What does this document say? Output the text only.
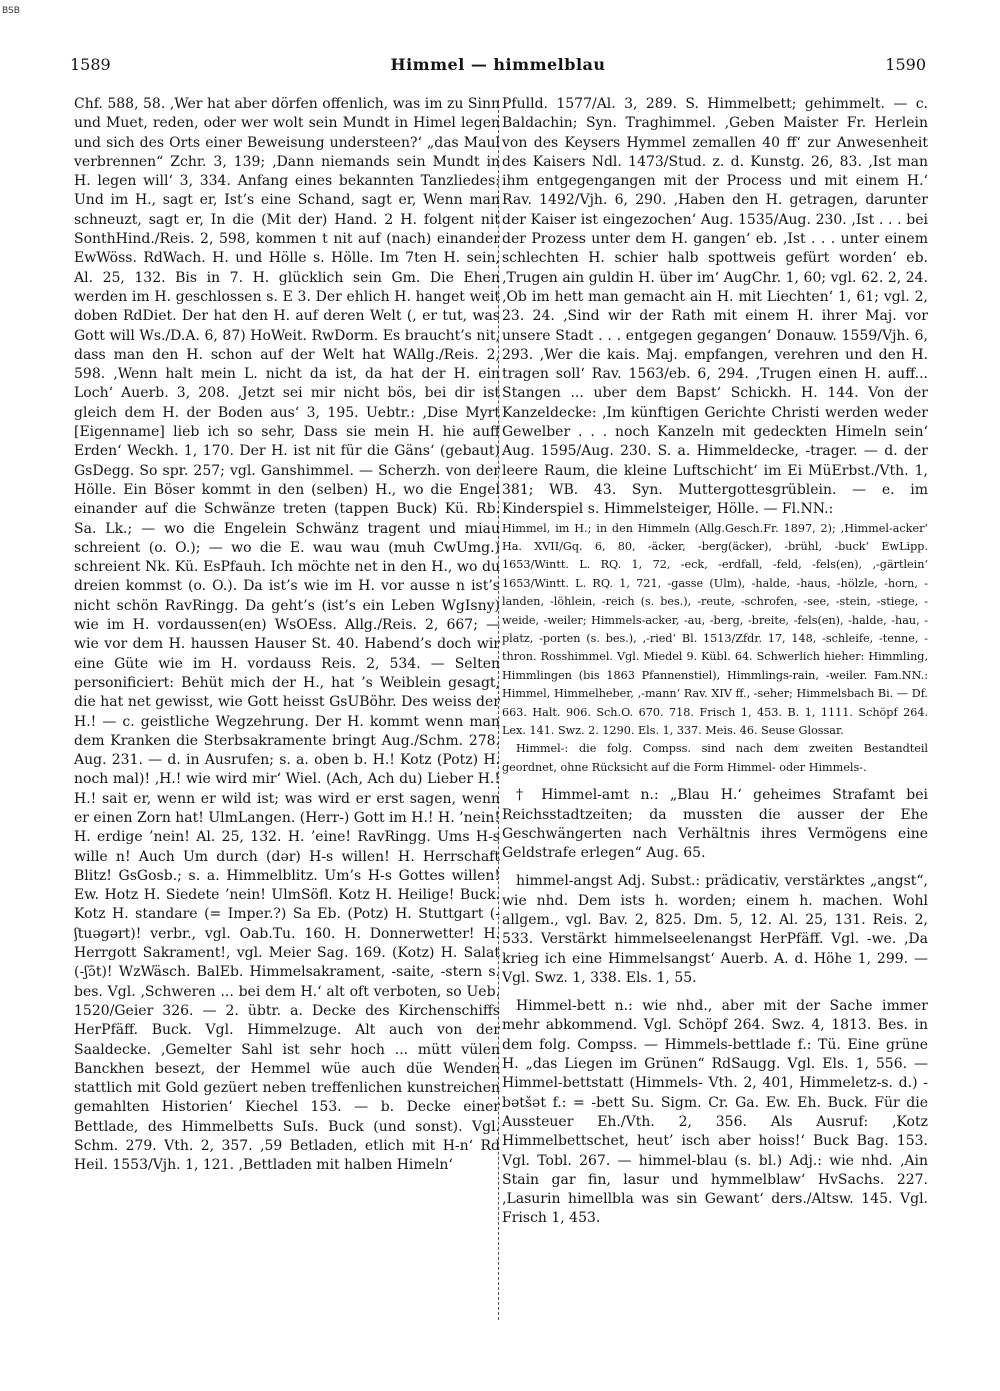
BSB
1589	Himmel — himmelblau	1590

Chf. 588, 58. ‚Wer hat aber dörfen offenlich, was im zu Sinn und Muet, reden, oder wer wolt sein Mundt in Himel legen und sich des Orts einer Beweisung understeen?‘ „das Maul verbrennen“ Zchr. 3, 139; ‚Dann niemands sein Mundt in H. legen will‘ 3, 334. Anfang eines bekannten Tanzliedes: Und im H., sagt er, Ist’s eine Schand, sagt er, Wenn man schneuzt, sagt er, In die (Mit der) Hand. 2 H. folgent nit SonthHind./Reis. 2, 598, kommen t nit auf (nach) einander EwWöss. RdWach. H. und Hölle s. Hölle. Im 7ten H. sein, Al. 25, 132. Bis in 7. H. glücklich sein Gm. Die Ehen werden im H. geschlossen s. E 3. Der ehlich H. hanget weit doben RdDiet. Der hat den H. auf deren Welt (, er tut, was Gott will Ws./D.A. 6, 87) HoWeit. RwDorm. Es braucht’s nit, dass man den H. schon auf der Welt hat WAllg./Reis. 2, 598. ‚Wenn halt mein L. nicht da ist, da hat der H. ein Loch‘ Auerb. 3, 208. ‚Jetzt sei mir nicht bös, bei dir ist gleich dem H. der Boden aus‘ 3, 195. Uebtr.: ‚Dise Myrt [Eigenname] lieb ich so sehr, Dass sie mein H. hie auff Erden‘ Weckh. 1, 170. Der H. ist nit für die Gäns‘ (gebaut) GsDegg. So spr. 257; vgl. Ganshimmel. — Scherzh. von der Hölle. Ein Böser kommt in den (selben) H., wo die Engel einander auf die Schwänze treten (tappen Buck) Kü. Rb. Sa. Lk.; — wo die Engelein Schwänz tragent und miau schreient (o. O.); — wo die E. wau wau (muh CwUmg.) schreient Nk. Kü. EsPfauh. Ich möchte net in den H., wo du dreien kommst (o. O.). Da ist’s wie im H. vor ausse n ist’s nicht schön RavRingg. Da geht’s (ist’s ein Leben WgIsny) wie im H. vordaussen(en) WsOEss. Allg./Reis. 2, 667; — wie vor dem H. haussen Hauser St. 40. Habend’s doch wir eine Güte wie im H. vordauss Reis. 2, 534. — Selten personificiert: Behüt mich der H., hat ’s Weiblein gesagt, die hat net gewisst, wie Gott heisst GsUBöhr. Des weiss der H.! — c. geistliche Wegzehrung. Der H. kommt wenn man dem Kranken die Sterbsakramente bringt Aug./Schm. 278. Aug. 231. — d. in Ausrufen; s. a. oben b. H.! Kotz (Potz) H. noch mal)! ‚H.! wie wird mir‘ Wiel. (Ach, Ach du) Lieber H.! H.! sait er, wenn er wild ist; was wird er erst sagen, wenn er einen Zorn hat! UlmLangen. (Herr-) Gott im H.! H. ’nein! H. erdige ’nein! Al. 25, 132. H. ’eine! RavRingg. Ums H-s wille n! Auch Um durch (dər) H-s willen! H. Herrschaft Blitz! GsGosb.; s. a. Himmelblitz. Um’s H-s Gottes willen! Ew. Hotz H. Siedete ’nein! UlmSöfl. Kotz H. Heilige! Buck. Kotz H. standare (= Imper.?) Sa Eb. (Potz) H. Stuttgart (-ʃtuəgərt)! verbr., vgl. Oab.Tu. 160. H. Donnerwetter! H. Herrgott Sakrament!, vgl. Meier Sag. 169. (Kotz) H. Salat (-ʃɔ̄t)! WzWäsch. BalEb. Himmelsakrament, -saite, -stern s. bes. Vgl. ‚Schweren ... bei dem H.‘ alt oft verboten, so Ueb. 1520/Geier 326. — 2. übtr. a. Decke des Kirchenschiffs HerPfäff. Buck. Vgl. Himmelzuge. Alt auch von der Saaldecke. ‚Gemelter Sahl ist sehr hoch ... mütt vülen Banckhen besezt, der Hemmel wüe auch düe Wenden stattlich mit Gold gezüert neben treffenlichen kunstreichen gemahlten Historien‘ Kiechel 153. — b. Decke einer Bettlade, des Himmelbetts SuIs. Buck (und sonst). Vgl. Schm. 279. Vth. 2, 357. ‚59 Betladen, etlich mit H-n‘ Rd Heil. 1553/Vjh. 1, 121. ‚Bettladen mit halben Himeln‘

Pfulld. 1577/Al. 3, 289. S. Himmelbett; gehimmelt. — c. Baldachin; Syn. Traghimmel. ‚Geben Maister Fr. Herlein von des Keysers Hymmel zemallen 40 ff‘ zur Anwesenheit des Kaisers Ndl. 1473/Stud. z. d. Kunstg. 26, 83. ‚Ist man ihm entgegengangen mit der Process und mit einem H.‘ Rav. 1492/Vjh. 6, 290. ‚Haben den H. getragen, darunter der Kaiser ist eingezochen‘ Aug. 1535/Aug. 230. ‚Ist . . . bei der Prozess unter dem H. gangen‘ eb. ‚Ist . . . unter einem schlechten H. schier halb spottweis gefürt worden‘ eb. ‚Trugen ain guldin H. über im‘ AugChr. 1, 60; vgl. 62. 2, 24. ‚Ob im hett man gemacht ain H. mit Liechten‘ 1, 61; vgl. 2, 23. 24. ‚Sind wir der Rath mit einem H. ihrer Maj. vor unsere Stadt . . . entgegen gegangen‘ Donauw. 1559/Vjh. 6, 293. ‚Wer die kais. Maj. empfangen, verehren und den H. tragen soll‘ Rav. 1563/eb. 6, 294. ‚Trugen einen H. auff... Stangen ... uber dem Bapst‘ Schickh. H. 144. Von der Kanzeldecke: ‚Im künftigen Gerichte Christi werden weder Gewelber . . . noch Kanzeln mit gedeckten Himeln sein‘ Aug. 1595/Aug. 230. S. a. Himmeldecke, -trager. — d. der leere Raum, die kleine Luftschicht‘ im Ei MüErbst./Vth. 1, 381; WB. 43. Syn. Muttergottesgrüblein. — e. im Kinderspiel s. Himmelsteiger, Hölle. — Fl.NN.:

Himmel, im H.; in den Himmeln (Allg.Gesch.Fr. 1897, 2); ‚Himmel-acker‘ Ha. XVII/Gq. 6, 80, -äcker, -berg(äcker), -brühl, -buck‘ EwLipp. 1653/Wintt. L. RQ. 1, 72, -eck, -erdfall, -feld, -fels(en), ‚-gärtlein‘ 1653/Wintt. L. RQ. 1, 721, -gasse (Ulm), -halde, -haus, -hölzle, -horn, -landen, -löhlein, -reich (s. bes.), -reute, -schrofen, -see, -stein, -stiege, -weide, -weiler; Himmels-acker, -au, -berg, -breite, -fels(en), -halde, -hau, -platz, -porten (s. bes.), ‚-ried‘ Bl. 1513/Zfdr. 17, 148, -schleife, -tenne, -thron. Rosshimmel. Vgl. Miedel 9. Kübl. 64. Schwerlich hieher: Himmling, Himmlingen (bis 1863 Pfannenstiel), Himmlings-rain, -weiler. Fam.NN.: Himmel, Himmelheber, ‚-mann‘ Rav. XIV ff., -seher; Himmelsbach Bi. — Df. 663. Halt. 906. Sch.O. 670. 718. Frisch 1, 453. B. 1, 1111. Schöpf 264. Lex. 141. Swz. 2. 1290. Els. 1, 337. Meis. 46. Seuse Glossar.

Himmel-: die folg. Compss. sind nach dem zweiten Bestandteil geordnet, ohne Rücksicht auf die Form Himmel- oder Himmels-.

† Himmel-amt n.: „Blau H.‘ geheimes Strafamt bei Reichsstadtzeiten; da mussten die ausser der Ehe Geschwängerten nach Verhältnis ihres Vermögens eine Geldstrafe erlegen“ Aug. 65.

himmel-angst Adj. Subst.: prädicativ, verstärktes „angst“, wie nhd. Dem ists h. worden; einem h. machen. Wohl allgem., vgl. Bav. 2, 825. Dm. 5, 12. Al. 25, 131. Reis. 2, 533. Verstärkt himmelseelenangst HerPfäff. Vgl. -we. ‚Da krieg ich eine Himmelsangst‘ Auerb. A. d. Höhe 1, 299. — Vgl. Swz. 1, 338. Els. 1, 55.

Himmel-bett n.: wie nhd., aber mit der Sache immer mehr abkommend. Vgl. Schöpf 264. Swz. 4, 1813. Bes. in dem folg. Compss. — Himmels-bettlade f.: Tü. Eine grüne H. „das Liegen im Grünen“ RdSaugg. Vgl. Els. 1, 556. — Himmel-bettstatt (Himmels- Vth. 2, 401, Himmeletz-s. d.) -bətšət f.: = -bett Su. Sigm. Cr. Ga. Ew. Eh. Buck. Für die Aussteuer Eh./Vth. 2, 356. Als Ausruf: ‚Kotz Himmelbettschet, heut’ isch aber hoiss!‘ Buck Bag. 153. Vgl. Tobl. 267. — himmel-blau (s. bl.) Adj.: wie nhd. ‚Ain Stain gar fin, lasur und hymmelblaw‘ HvSachs. 227. ‚Lasurin himellbla was sin Gewant‘ ders./Altsw. 145. Vgl. Frisch 1, 453.
